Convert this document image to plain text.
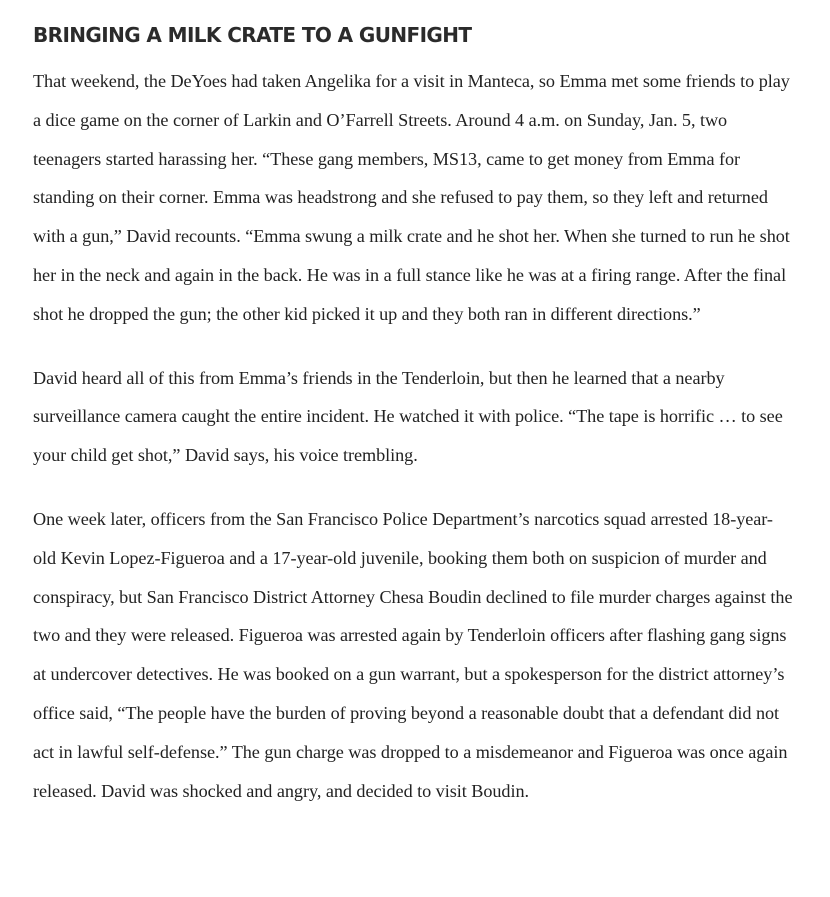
BRINGING A MILK CRATE TO A GUNFIGHT

That weekend, the DeYoes had taken Angelika for a visit in Manteca, so Emma met some friends to play a dice game on the corner of Larkin and O’Farrell Streets. Around 4 a.m. on Sunday, Jan. 5, two teenagers started harassing her. “These gang members, MS13, came to get money from Emma for standing on their corner. Emma was headstrong and she refused to pay them, so they left and returned with a gun,” David recounts. “Emma swung a milk crate and he shot her. When she turned to run he shot her in the neck and again in the back. He was in a full stance like he was at a firing range. After the final shot he dropped the gun; the other kid picked it up and they both ran in different directions.”

David heard all of this from Emma’s friends in the Tenderloin, but then he learned that a nearby surveillance camera caught the entire incident. He watched it with police. “The tape is horrific … to see your child get shot,” David says, his voice trembling.

One week later, officers from the San Francisco Police Department’s narcotics squad arrested 18-year-old Kevin Lopez-Figueroa and a 17-year-old juvenile, booking them both on suspicion of murder and conspiracy, but San Francisco District Attorney Chesa Boudin declined to file murder charges against the two and they were released. Figueroa was arrested again by Tenderloin officers after flashing gang signs at undercover detectives. He was booked on a gun warrant, but a spokesperson for the district attorney’s office said, “The people have the burden of proving beyond a reasonable doubt that a defendant did not act in lawful self-defense.” The gun charge was dropped to a misdemeanor and Figueroa was once again released. David was shocked and angry, and decided to visit Boudin.
